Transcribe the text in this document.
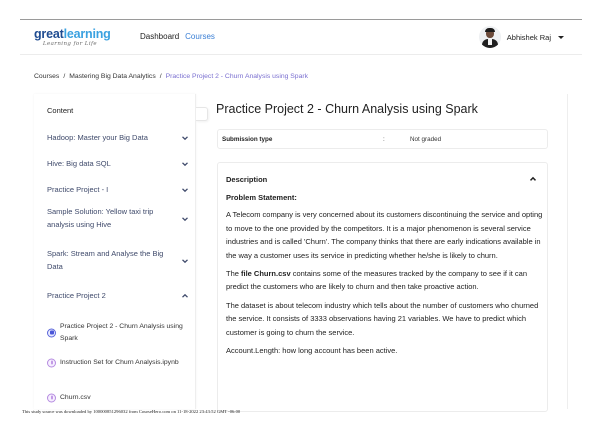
greatlearning
Learning for Life
Dashboard Courses	Abhishek Raj
Courses / Mastering Big Data Analytics / Practice Project 2 - Churn Analysis using Spark
Content
Hadoop: Master your Big Data
Hive: Big data SQL
Practice Project - I
Sample Solution: Yellow taxi trip analysis using Hive
Spark: Stream and Analyse the Big Data
Practice Project 2
Practice Project 2 - Churn Analysis using Spark
Instruction Set for Churn Analysis.ipynb
Churn.csv
Practice Project 2 - Churn Analysis using Spark
Submission type	:	Not graded
Description

Problem Statement:

A Telecom company is very concerned about its customers discontinuing the service and opting to move to the one provided by the competitors. It is a major phenomenon is several service industries and is called 'Churn'. The company thinks that there are early indications available in the way a customer uses its service in predicting whether he/she is likely to churn.

The file Churn.csv contains some of the measures tracked by the company to see if it can predict the customers who are likely to churn and then take proactive action.

The dataset is about telecom industry which tells about the number of customers who churned the service. It consists of 3333 observations having 21 variables. We have to predict which customer is going to churn the service.

Account.Length: how long account has been active.

This study source was downloaded by 100000851296032 from CourseHero.com on 11-18-2022 23:43:52 GMT -06:00
